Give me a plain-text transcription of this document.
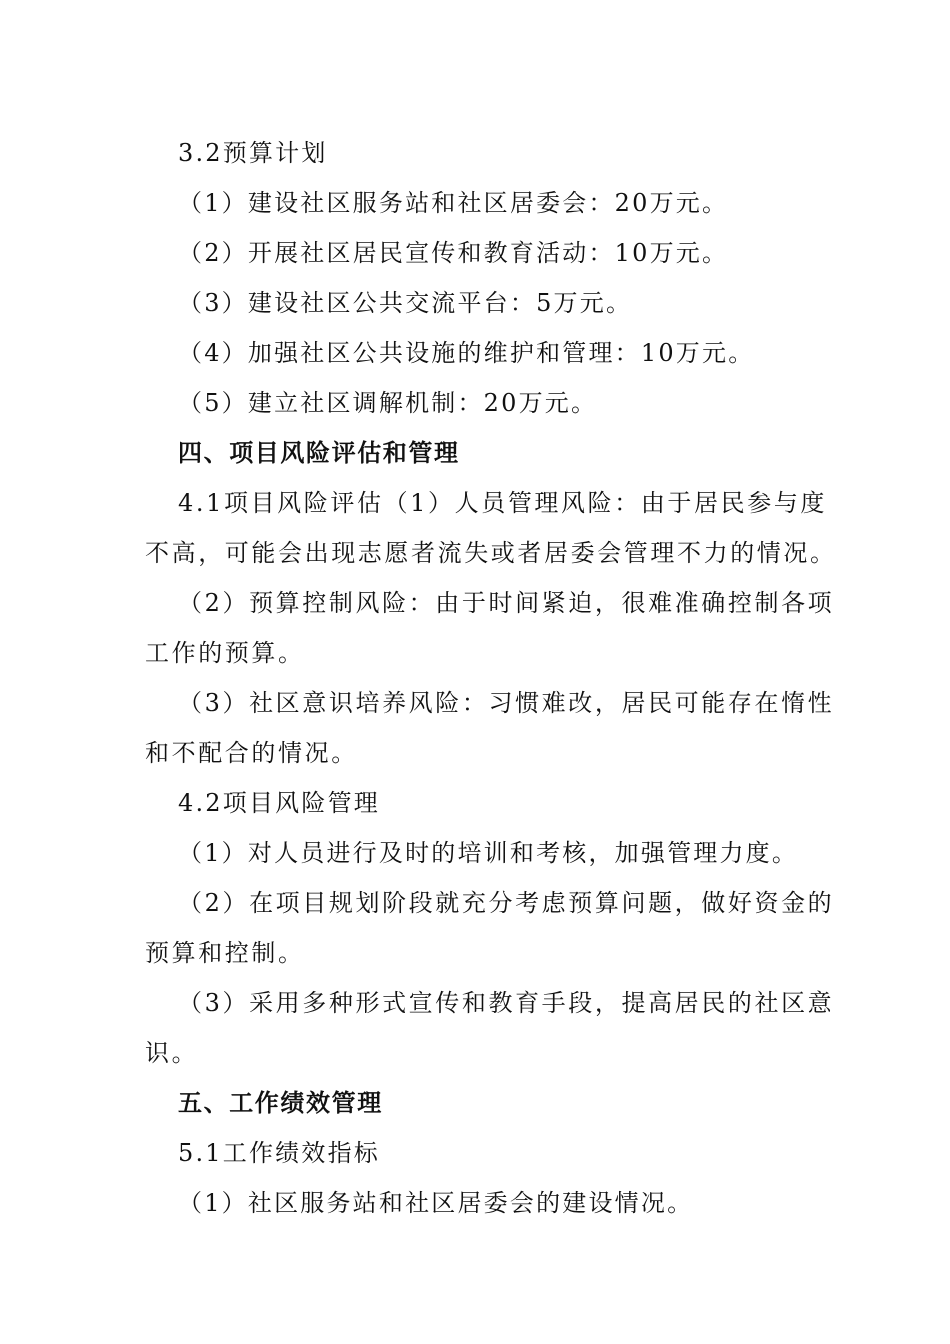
3.2预算计划
（1）建设社区服务站和社区居委会：20万元。
（2）开展社区居民宣传和教育活动：10万元。
（3）建设社区公共交流平台：5万元。
（4）加强社区公共设施的维护和管理：10万元。
（5）建立社区调解机制：20万元。
四、项目风险评估和管理
4.1项目风险评估（1）人员管理风险：由于居民参与度
不高，可能会出现志愿者流失或者居委会管理不力的情况。
（2）预算控制风险：由于时间紧迫，很难准确控制各项
工作的预算。
（3）社区意识培养风险：习惯难改，居民可能存在惰性
和不配合的情况。
4.2项目风险管理
（1）对人员进行及时的培训和考核，加强管理力度。
（2）在项目规划阶段就充分考虑预算问题，做好资金的
预算和控制。
（3）采用多种形式宣传和教育手段，提高居民的社区意
识。
五、工作绩效管理
5.1工作绩效指标
（1）社区服务站和社区居委会的建设情况。
